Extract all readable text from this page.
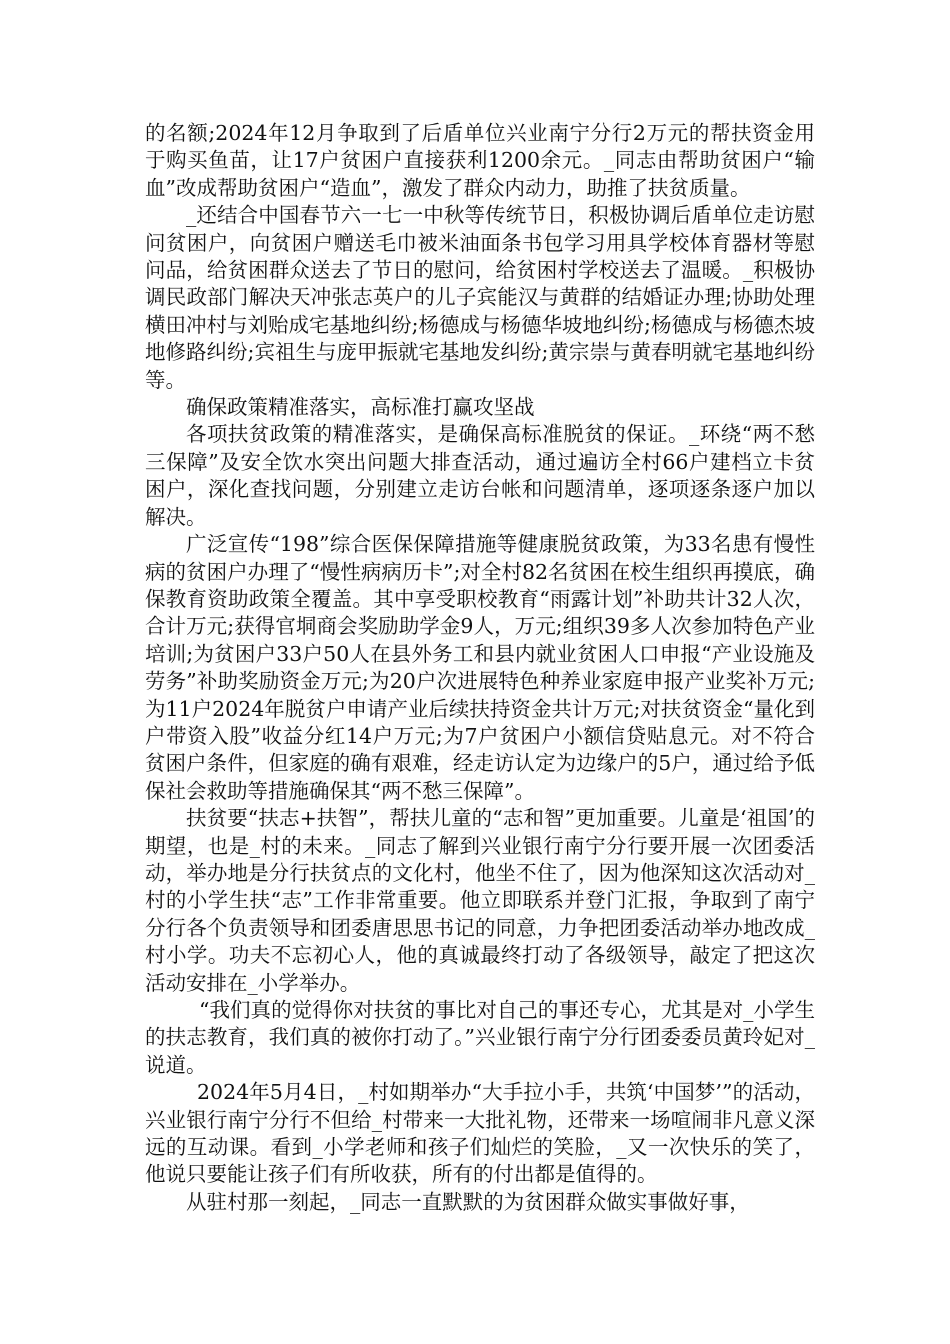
的名额;2024年12月争取到了后盾单位兴业南宁分行2万元的帮扶资金用于购买鱼苗，让17户贫困户直接获利1200余元。_同志由帮助贫困户“输血”改成帮助贫困户“造血”，激发了群众内动力，助推了扶贫质量。

_还结合中国春节六一七一中秋等传统节日，积极协调后盾单位走访慰问贫困户，向贫困户赠送毛巾被米油面条书包学习用具学校体育器材等慰问品，给贫困群众送去了节日的慰问，给贫困村学校送去了温暖。_积极协调民政部门解决天冲张志英户的儿子宾能汉与黄群的结婚证办理;协助处理横田冲村与刘贻成宅基地纠纷;杨德成与杨德华坡地纠纷;杨德成与杨德杰坡地修路纠纷;宾祖生与庞甲振就宅基地发纠纷;黄宗崇与黄春明就宅基地纠纷等。

确保政策精准落实，高标准打赢攻坚战

各项扶贫政策的精准落实，是确保高标准脱贫的保证。_环绕“两不愁三保障”及安全饮水突出问题大排查活动，通过遍访全村66户建档立卡贫困户，深化查找问题，分别建立走访台帐和问题清单，逐项逐条逐户加以解决。

广泛宣传“198”综合医保保障措施等健康脱贫政策，为33名患有慢性病的贫困户办理了“慢性病病历卡”;对全村82名贫困在校生组织再摸底，确保教育资助政策全覆盖。其中享受职校教育“雨露计划”补助共计32人次，合计万元;获得官垌商会奖励助学金9人，万元;组织39多人次参加特色产业培训;为贫困户33户50人在县外务工和县内就业贫困人口申报“产业设施及劳务”补助奖励资金万元;为20户次进展特色种养业家庭申报产业奖补万元;为11户2024年脱贫户申请产业后续扶持资金共计万元;对扶贫资金“量化到户带资入股”收益分红14户万元;为7户贫困户小额信贷贴息元。对不符合贫困户条件，但家庭的确有艰难，经走访认定为边缘户的5户，通过给予低保社会救助等措施确保其“两不愁三保障”。

扶贫要“扶志+扶智”，帮扶儿童的“志和智”更加重要。儿童是‘祖国’的期望，也是_村的未来。_同志了解到兴业银行南宁分行要开展一次团委活动，举办地是分行扶贫点的文化村，他坐不住了，因为他深知这次活动对_村的小学生扶“志”工作非常重要。他立即联系并登门汇报，争取到了南宁分行各个负责领导和团委唐思思书记的同意，力争把团委活动举办地改成_村小学。功夫不忘初心人，他的真诚最终打动了各级领导，敲定了把这次活动安排在_小学举办。

“我们真的觉得你对扶贫的事比对自己的事还专心，尤其是对_小学生的扶志教育，我们真的被你打动了。”兴业银行南宁分行团委委员黄玲妃对_说道。

2024年5月4日，_村如期举办“大手拉小手，共筑‘中国梦’”的活动，兴业银行南宁分行不但给_村带来一大批礼物，还带来一场喧闹非凡意义深远的互动课。看到_小学老师和孩子们灿烂的笑脸，_又一次快乐的笑了，他说只要能让孩子们有所收获，所有的付出都是值得的。

从驻村那一刻起，_同志一直默默的为贫困群众做实事做好事，
